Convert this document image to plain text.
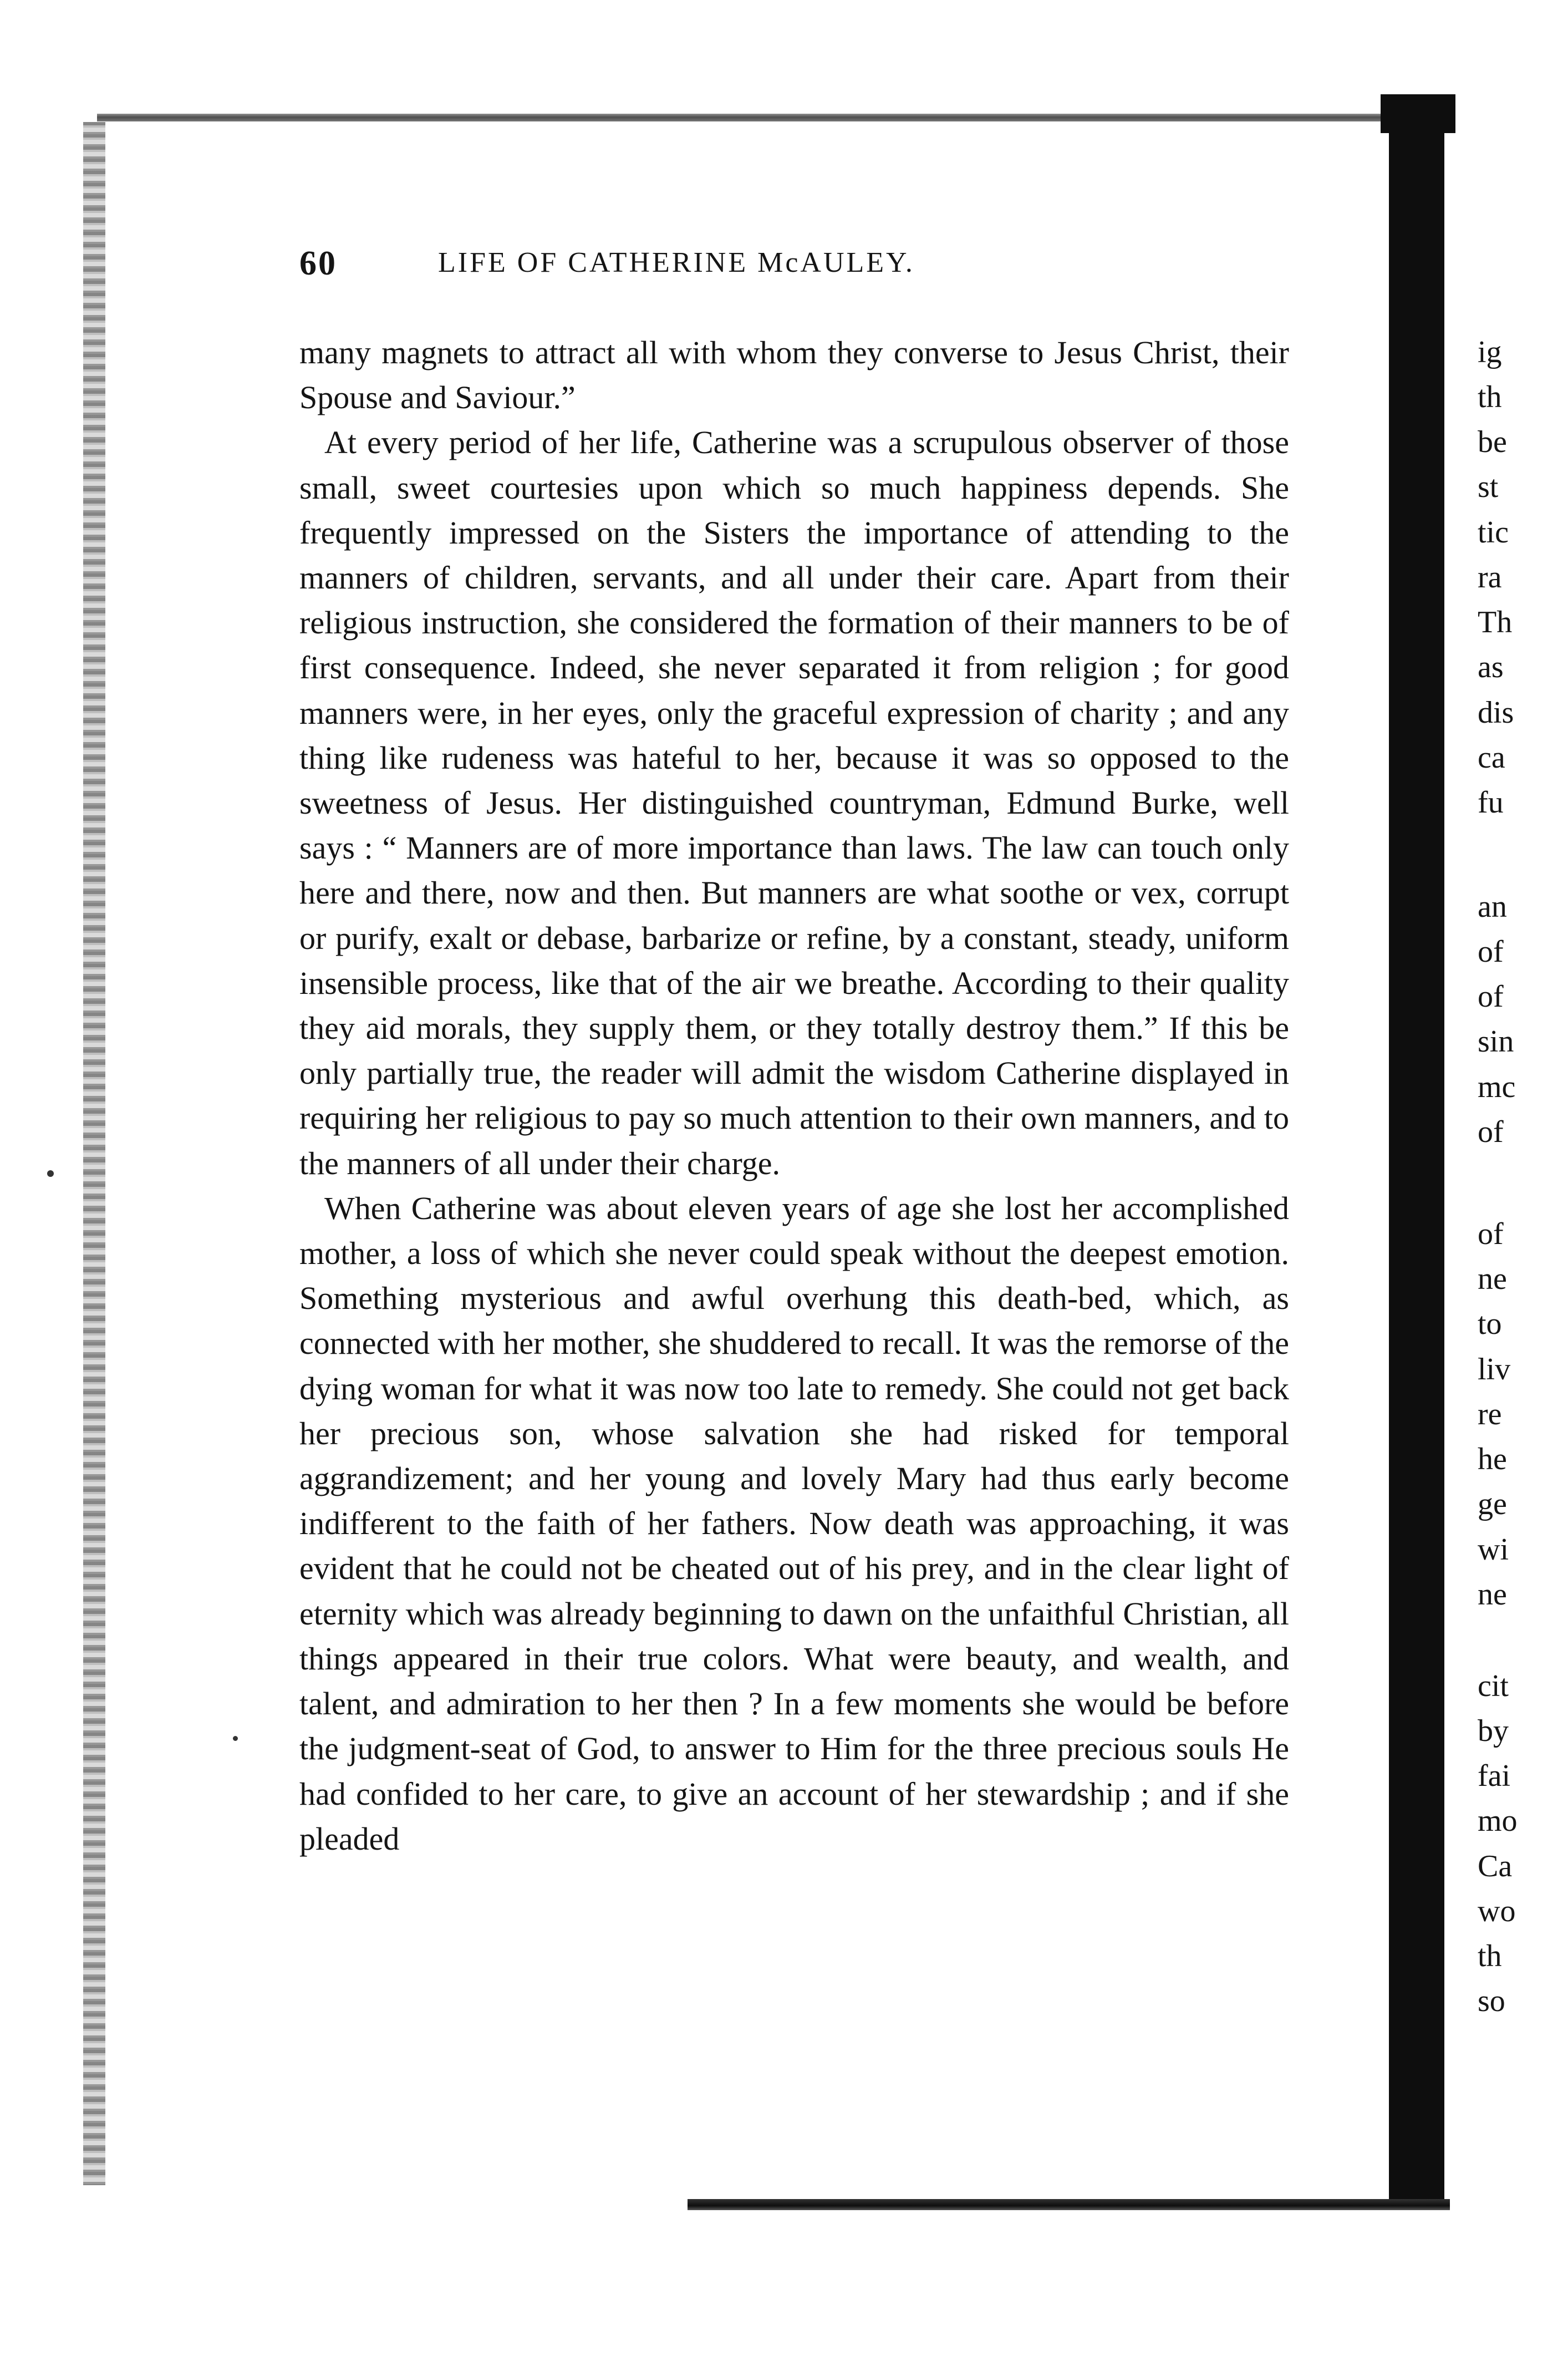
60	LIFE OF CATHERINE McAULEY.

many magnets to attract all with whom they converse to Jesus Christ, their Spouse and Saviour.”

At every period of her life, Catherine was a scrupulous observer of those small, sweet courtesies upon which so much happiness depends. She frequently impressed on the Sisters the importance of attending to the manners of children, servants, and all under their care. Apart from their religious instruction, she considered the formation of their manners to be of first consequence. Indeed, she never separated it from religion ; for good manners were, in her eyes, only the graceful expression of charity ; and any thing like rudeness was hateful to her, because it was so opposed to the sweetness of Jesus. Her distinguished countryman, Edmund Burke, well says : “ Manners are of more importance than laws. The law can touch only here and there, now and then. But manners are what soothe or vex, corrupt or purify, exalt or debase, barbarize or refine, by a constant, steady, uniform insensible process, like that of the air we breathe. According to their quality they aid morals, they supply them, or they totally destroy them.” If this be only partially true, the reader will admit the wisdom Catherine displayed in requiring her religious to pay so much attention to their own manners, and to the manners of all under their charge.

When Catherine was about eleven years of age she lost her accomplished mother, a loss of which she never could speak without the deepest emotion. Something mysterious and awful overhung this death-bed, which, as connected with her mother, she shuddered to recall. It was the remorse of the dying woman for what it was now too late to remedy. She could not get back her precious son, whose salvation she had risked for temporal aggrandizement; and her young and lovely Mary had thus early become indifferent to the faith of her fathers. Now death was approaching, it was evident that he could not be cheated out of his prey, and in the clear light of eternity which was already beginning to dawn on the unfaithful Christian, all things appeared in their true colors. What were beauty, and wealth, and talent, and admiration to her then ? In a few moments she would be before the judgment-seat of God, to answer to Him for the three precious souls He had confided to her care, to give an account of her stewardship ; and if she pleaded

ig
th
be
st
tic
ra
Th
as
dis
ca
fu
an
of
of
sin
mc
of
of
ne
to
liv
re
he
ge
wi
ne
cit
by
fai
mo
Ca
wo
th
so
